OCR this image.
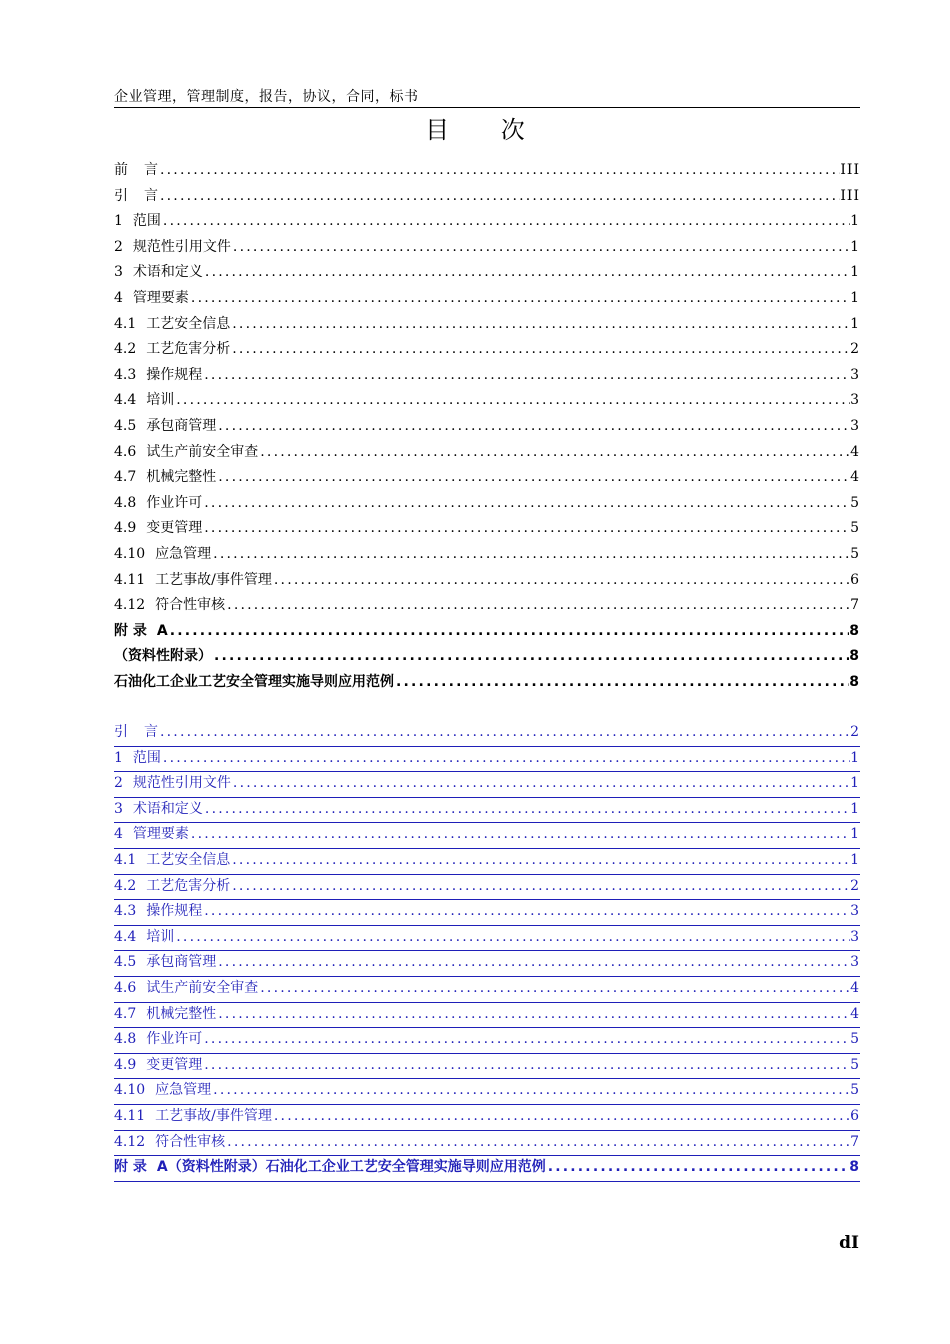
企业管理，管理制度，报告，协议，合同，标书
目 次
前 言 .....	III
引 言 .....	III
1 范围 .....	1
2 规范性引用文件 .....	1
3 术语和定义 .....	1
4 管理要素 .....	1
4.1 工艺安全信息 .....	1
4.2 工艺危害分析 .....	2
4.3 操作规程 .....	3
4.4 培训 .....	3
4.5 承包商管理 .....	3
4.6 试生产前安全审查 .....	4
4.7 机械完整性 .....	4
4.8 作业许可 .....	5
4.9 变更管理 .....	5
4.10 应急管理 .....	5
4.11 工艺事故/事件管理 .....	6
4.12 符合性审核 .....	7
附 录 A .....	8
（资料性附录） .....	8
石油化工企业工艺安全管理实施导则应用范例 .....	8
引 言 .....	2
1 范围 .....	1
2 规范性引用文件 .....	1
3 术语和定义 .....	1
4 管理要素 .....	1
4.1 工艺安全信息 .....	1
4.2 工艺危害分析 .....	2
4.3 操作规程 .....	3
4.4 培训 .....	3
4.5 承包商管理 .....	3
4.6 试生产前安全审查 .....	4
4.7 机械完整性 .....	4
4.8 作业许可 .....	5
4.9 变更管理 .....	5
4.10 应急管理 .....	5
4.11 工艺事故/事件管理 .....	6
4.12 符合性审核 .....	7
附 录 A（资料性附录）石油化工企业工艺安全管理实施导则应用范例 .....	8
dI
